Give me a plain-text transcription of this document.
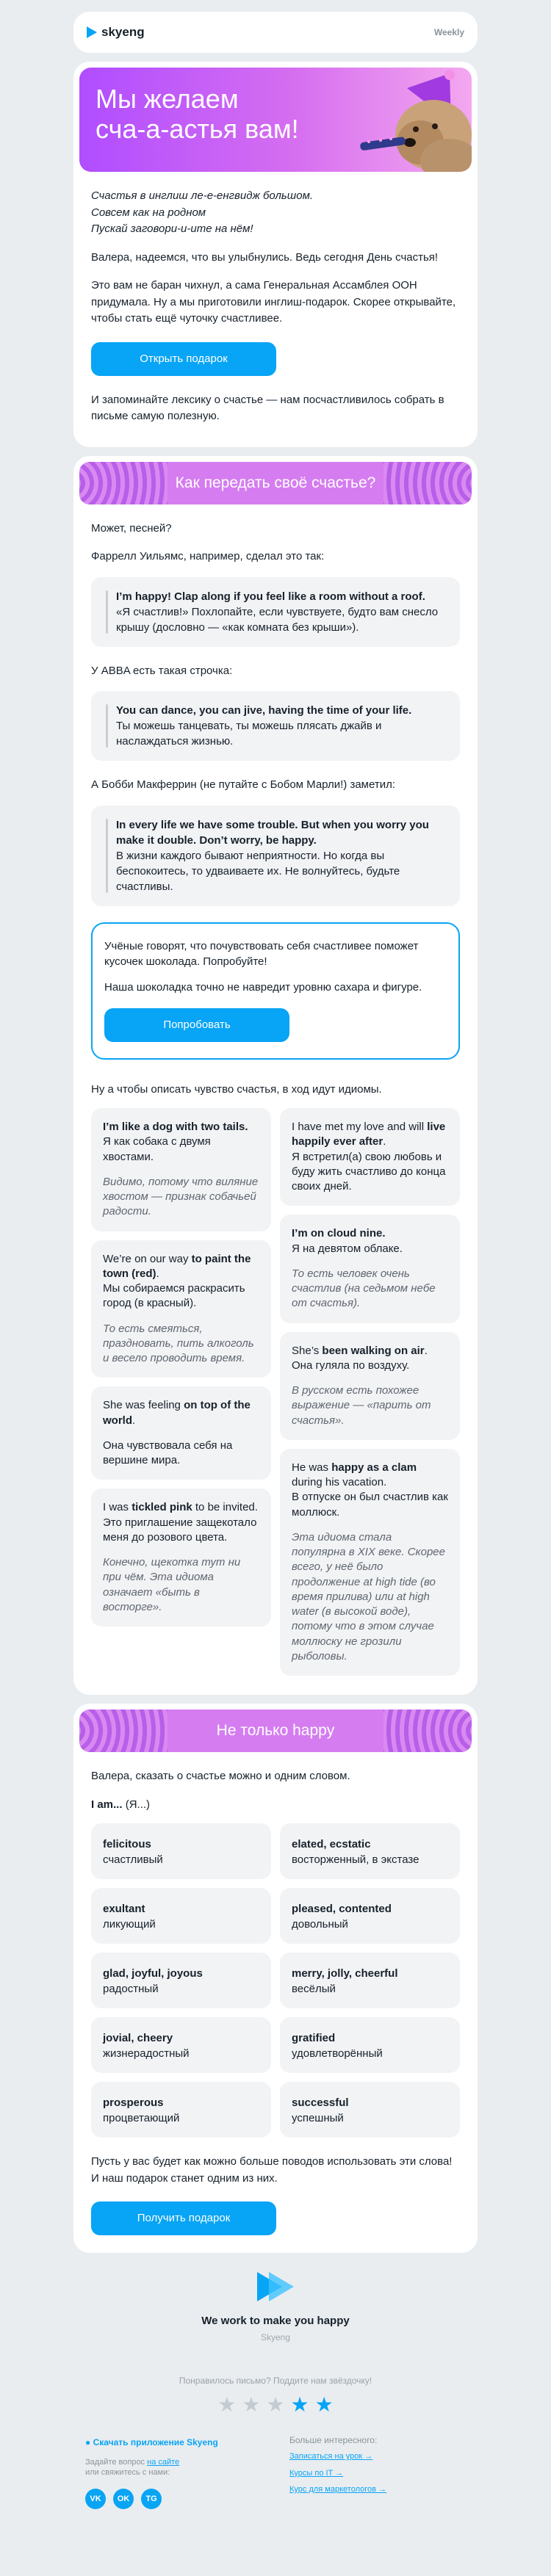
skyeng	Weekly
Мы желаем
сча-а-астья вам!
Счастья в инглиш ле-е-енгвидж большом.
Совсем как на родном
Пускай заговори-и-ите на нём!
Валера, надеемся, что вы улыбнулись. Ведь сегодня День счастья!
Это вам не баран чихнул, а сама Генеральная Ассамблея ООН придумала. Ну а мы приготовили инглиш-подарок. Скорее открывайте, чтобы стать ещё чуточку счастливее.
Открыть подарок
И запоминайте лексику о счастье — нам посчастливилось собрать в письме самую полезную.
Как передать своё счастье?
Может, песней?
Фаррелл Уильямс, например, сделал это так:
I’m happy! Clap along if you feel like a room without a roof.
«Я счастлив!» Похлопайте, если чувствуете, будто вам снесло крышу (дословно — «как комната без крыши»).
У ABBA есть такая строчка:
You can dance, you can jive, having the time of your life.
Ты можешь танцевать, ты можешь плясать джайв и наслаждаться жизнью.
А Бобби Макферрин (не путайте с Бобом Марли!) заметил:
In every life we have some trouble. But when you worry you make it double. Don’t worry, be happy.
В жизни каждого бывают неприятности. Но когда вы беспокоитесь, то удваиваете их. Не волнуйтесь, будьте счастливы.
Учёные говорят, что почувствовать себя счастливее поможет кусочек шоколада. Попробуйте!
Наша шоколадка точно не навредит уровню сахара и фигуре.
Попробовать
Ну а чтобы описать чувство счастья, в ход идут идиомы.
I’m like a dog with two tails.
Я как собака с двумя хвостами.
Видимо, потому что виляние хвостом — признак собачьей радости.
We’re on our way to paint the town (red).
Мы собираемся раскрасить город (в красный).
То есть смеяться, праздновать, пить алкоголь и весело проводить время.
She was feeling on top of the world.
Она чувствовала себя на вершине мира.
I was tickled pink to be invited.
Это приглашение защекотало меня до розового цвета.
Конечно, щекотка тут ни при чём. Эта идиома означает «быть в восторге».
I have met my love and will live happily ever after.
Я встретил(а) свою любовь и буду жить счастливо до конца своих дней.
I’m on cloud nine.
Я на девятом облаке.
То есть человек очень счастлив (на седьмом небе от счастья).
She’s been walking on air.
Она гуляла по воздуху.
В русском есть похожее выражение — «парить от счастья».
He was happy as a clam during his vacation.
В отпуске он был счастлив как моллюск.
Эта идиома стала популярна в XIX веке. Скорее всего, у неё было продолжение at high tide (во время прилива) или at high water (в высокой воде), потому что в этом случае моллюску не грозили рыболовы.
Не только happy
Валера, сказать о счастье можно и одним словом.
I am... (Я...)
felicitous
счастливый
elated, ecstatic
восторженный, в экстазе
exultant
ликующий
pleased, contented
довольный
glad, joyful, joyous
радостный
merry, jolly, cheerful
весёлый
jovial, cheery
жизнерадостный
gratified
удовлетворённый
prosperous
процветающий
successful
успешный
Пусть у вас будет как можно больше поводов использовать эти слова! И наш подарок станет одним из них.
Получить подарок
We work to make you happy
Skyeng
Понравилось письмо? Поддите нам звёздочку!
★ ★ ★ ★ ★
● Скачать приложение Skyeng
Задайте вопрос на сайте
или свяжитесь с нами:
VK	OK	TG
Больше интересного:
Записаться на урок →
Курсы по IT →
Курс для маркетологов →
